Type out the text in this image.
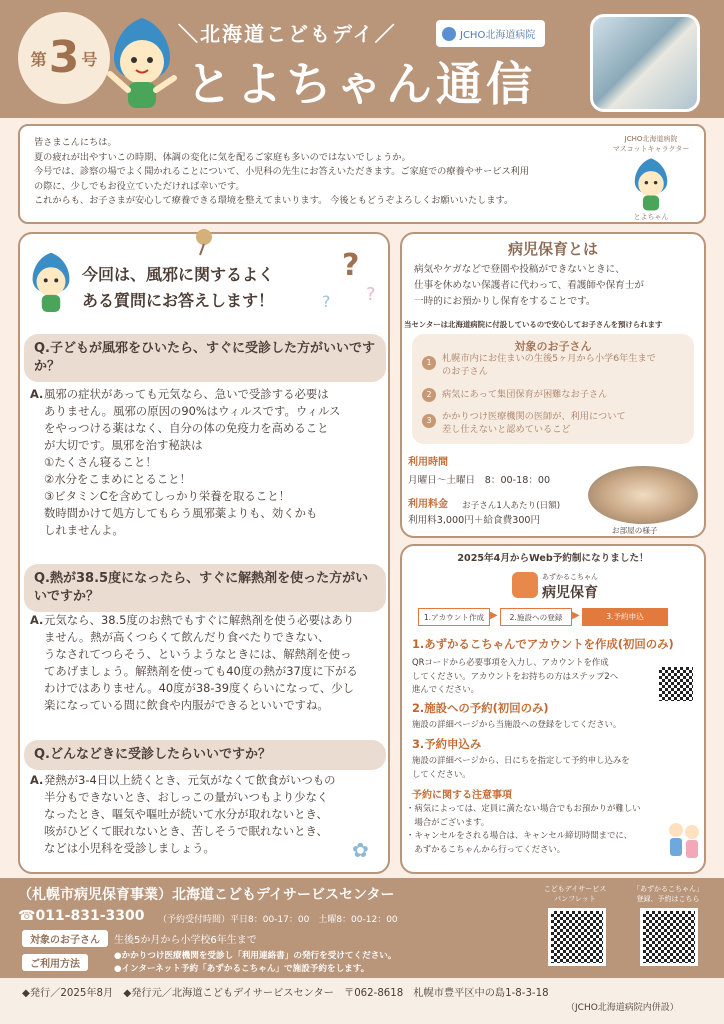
第 3 号
＼北海道こどもデイ／
とよちゃん通信
JCHO北海道病院

皆さまこんにちは。

夏の疲れが出やすいこの時期、体調の変化に気を配るご家庭も多いのではないでしょうか。

今号では、診察の場でよく聞かれることについて、小児科の先生にお答えいただきます。ご家庭での療養やサービス利用

の際に、少しでもお役立ていただければ幸いです。

これからも、お子さまが安心して療養できる環境を整えてまいります。 今後ともどうぞよろしくお願いいたします。

JCHO北海道病院
マスコットキャラクター
とよちゃん
今回は、風邪に関するよく
ある質問にお答えします！
?
? ?
Q.子どもが風邪をひいたら、すぐに受診した方がいいですか？
A. 風邪の症状があっても元気なら、急いで受診する必要は
ありません。風邪の原因の90%はウィルスです。ウィルス
をやっつける薬はなく、自分の体の免疫力を高めること
が大切です。風邪を治す秘訣は
①たくさん寝ること！
②水分をこまめにとること！
③ビタミンCを含めてしっかり栄養を取ること！
数時間かけて処方してもらう風邪薬よりも、効くかも
しれませんよ。
Q.熱が38.5度になったら、すぐに解熱剤を使った方がいいですか？
A. 元気なら、38.5度のお熱でもすぐに解熱剤を使う必要はあり
ません。熱が高くつらくて飲んだり食べたりできない、
うなされてつらそう、というようなときには、解熱剤を使っ
てあげましょう。解熱剤を使っても40度の熱が37度に下がる
わけではありません。40度が38-39度くらいになって、少し
楽になっている間に飲食や内服ができるといいですね。
Q.どんなどきに受診したらいいですか？
A. 発熱が3-4日以上続くとき、元気がなくて飲食がいつもの
半分もできないとき、おしっこの量がいつもより少なく
なったとき、嘔気や嘔吐が続いて水分が取れないとき、
咳がひどくて眠れないとき、苦しそうで眠れないとき、
などは小児科を受診しましょう。	✿
病児保育とは
病気やケガなどで登園や投稿ができないときに、
仕事を休めない保護者に代わって、看護師や保育士が
一時的にお預かりし保育をすることです。
当センターは北海道病院に付設しているので安心してお子さんを預けられます
対象のお子さん
1	札幌市内にお住まいの生後5ヶ月から小学6年生まで
のお子さん
2	病気にあって集団保育が困難なお子さん
3	かかりつけ医療機関の医師が、利用について
差し仕えないと認めているこど
利用時間
月曜日〜土曜日　8：00-18：00
利用料金 お子さん1人あたり(日額)
利用料3,000円＋給食費300円
お部屋の様子
2025年4月からWeb予約制になりました！
あずかるこちゃん
病児保育
1.アカウント作成	2.施設への登録	3.予約申込
▶	▶
1.あずかるこちゃんでアカウントを作成(初回のみ)
QRコードから必要事項を入力し、アカウントを作成
してください。アカウントをお持ちの方はステップ2へ
進んでください。
2.施設への予約(初回のみ)
施設の詳細ページから当施設への登録をしてください。
3.予約申込み
施設の詳細ページから、日にちを指定して予約申し込みを
してください。
予約に関する注意事項
・病気によっては、定員に満たない場合でもお預かりが難しい
　場合がございます。
・キャンセルをされる場合は、キャンセル締切時間までに、
　あずかるこちゃんから行ってください。
（札幌市病児保育事業）北海道こどもデイサービスセンター
☎011-831-3300 （予約受付時間）平日8：00-17：00　土曜8：00-12：00
対象のお子さん	生後5か月から小学校6年生まで
ご利用方法
●かかりつけ医療機関を受診し「利用連絡書」の発行を受けてください。
●インターネット予約「あずかるこちゃん」で施設予約をします。
こどもデイサービス
パンフレット
「あずかるこちゃん」
登録、予約はこちら
◆発行／2025年8月　◆発行元／北海道こどもデイサービスセンター　〒062-8618　札幌市豊平区中の島1-8-3-18
（JCHO北海道病院内併設）
